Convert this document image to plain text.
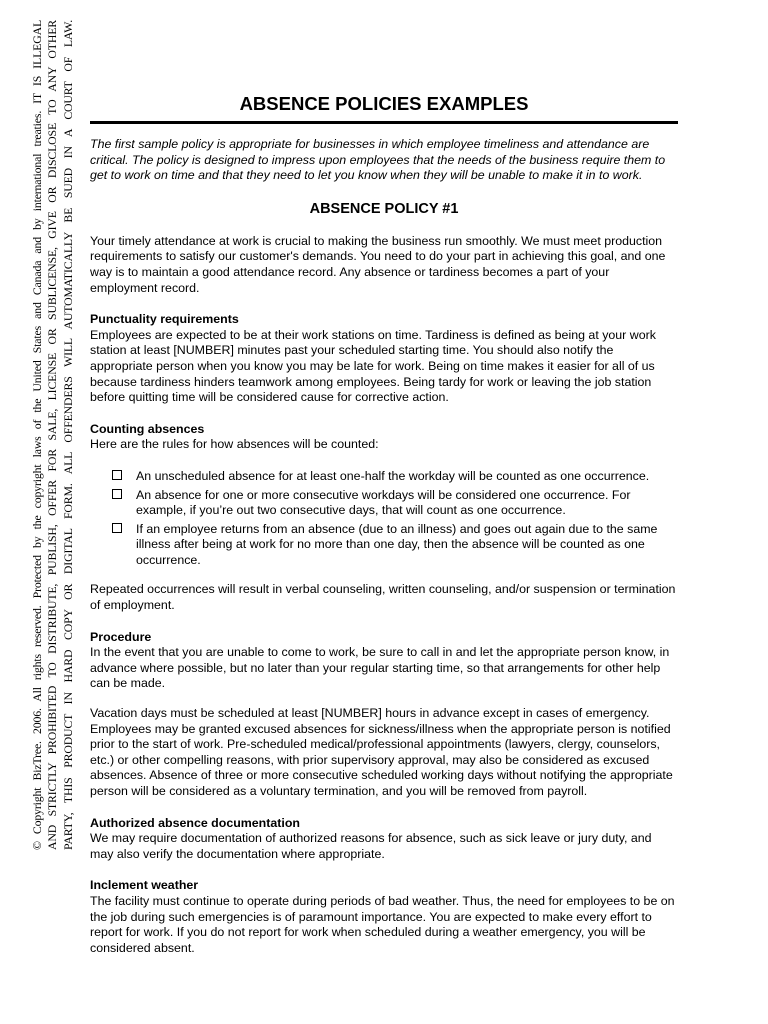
© Copyright BizTree. 2006. All rights reserved. Protected by the copyright laws of the United States and Canada and by international treaties. IT IS ILLEGAL AND STRICTLY PROHIBITED TO DISTRIBUTE, PUBLISH, OFFER FOR SALE, LICENSE OR SUBLICENSE, GIVE OR DISCLOSE TO ANY OTHER PARTY, THIS PRODUCT IN HARD COPY OR DIGITAL FORM. ALL OFFENDERS WILL AUTOMATICALLY BE SUED IN A COURT OF LAW.	ABSENCE POLICIES EXAMPLES

The first sample policy is appropriate for businesses in which employee timeliness and attendance are critical. The policy is designed to impress upon employees that the needs of the business require them to get to work on time and that they need to let you know when they will be unable to make it in to work.

ABSENCE POLICY #1

Your timely attendance at work is crucial to making the business run smoothly. We must meet production requirements to satisfy our customer's demands. You need to do your part in achieving this goal, and one way is to maintain a good attendance record. Any absence or tardiness becomes a part of your employment record.

Punctuality requirements

Employees are expected to be at their work stations on time. Tardiness is defined as being at your work station at least [NUMBER] minutes past your scheduled starting time. You should also notify the appropriate person when you know you may be late for work. Being on time makes it easier for all of us because tardiness hinders teamwork among employees. Being tardy for work or leaving the job station before quitting time will be considered cause for corrective action.

Counting absences

Here are the rules for how absences will be counted:

An unscheduled absence for at least one-half the workday will be counted as one occurrence.
An absence for one or more consecutive workdays will be considered one occurrence. For example, if you’re out two consecutive days, that will count as one occurrence.
If an employee returns from an absence (due to an illness) and goes out again due to the same illness after being at work for no more than one day, then the absence will be counted as one occurrence.

Repeated occurrences will result in verbal counseling, written counseling, and/or suspension or termination of employment.

Procedure

In the event that you are unable to come to work, be sure to call in and let the appropriate person know, in advance where possible, but no later than your regular starting time, so that arrangements for other help can be made.

Vacation days must be scheduled at least [NUMBER] hours in advance except in cases of emergency. Employees may be granted excused absences for sickness/illness when the appropriate person is notified prior to the start of work. Pre-scheduled medical/professional appointments (lawyers, clergy, counselors, etc.) or other compelling reasons, with prior supervisory approval, may also be considered as excused absences. Absence of three or more consecutive scheduled working days without notifying the appropriate person will be considered as a voluntary termination, and you will be removed from payroll.

Authorized absence documentation

We may require documentation of authorized reasons for absence, such as sick leave or jury duty, and may also verify the documentation where appropriate.

Inclement weather

The facility must continue to operate during periods of bad weather. Thus, the need for employees to be on the job during such emergencies is of paramount importance. You are expected to make every effort to report for work. If you do not report for work when scheduled during a weather emergency, you will be considered absent.
